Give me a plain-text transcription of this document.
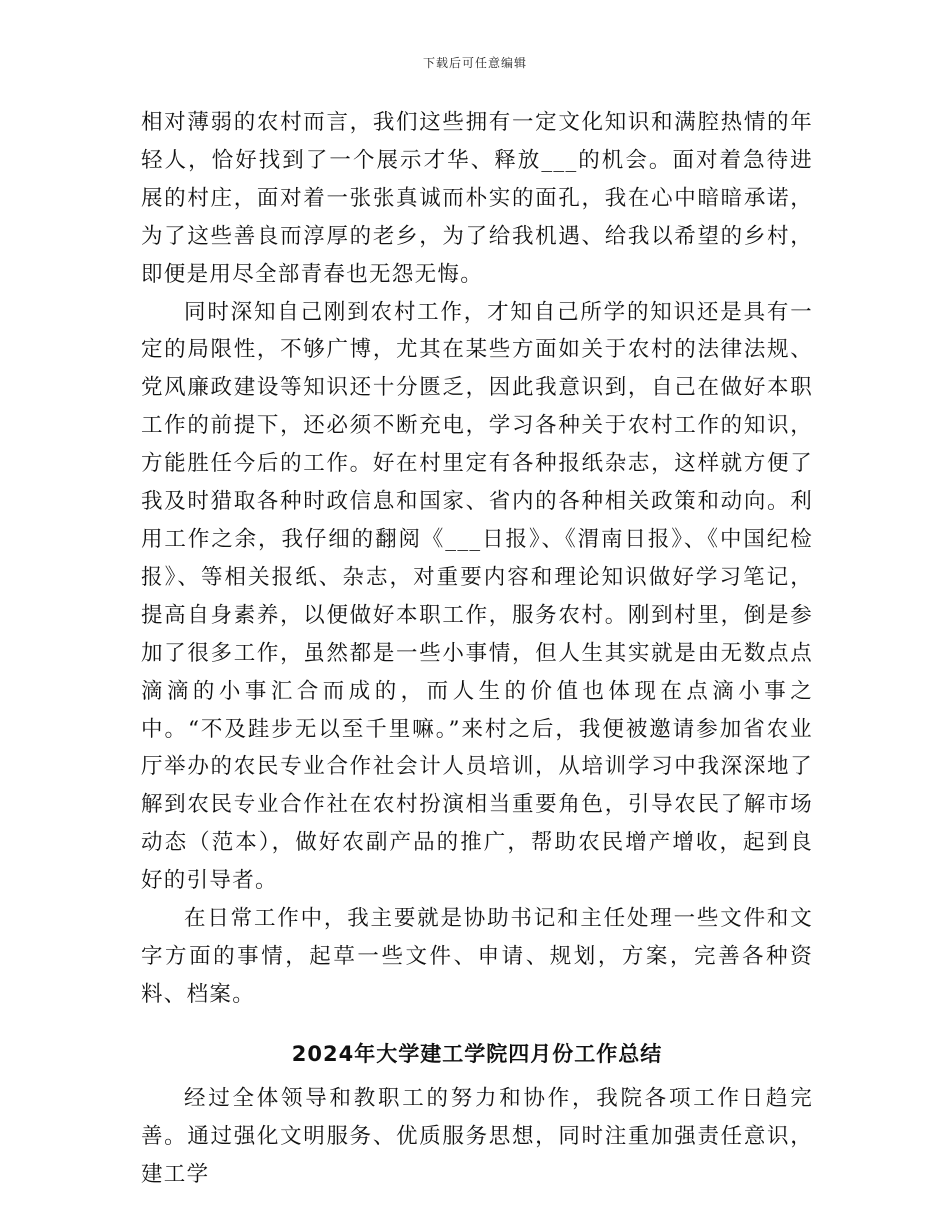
下载后可任意编辑

相对薄弱的农村而言，我们这些拥有一定文化知识和满腔热情的年轻人，恰好找到了一个展示才华、释放___的机会。面对着急待进展的村庄，面对着一张张真诚而朴实的面孔，我在心中暗暗承诺，为了这些善良而淳厚的老乡，为了给我机遇、给我以希望的乡村，即便是用尽全部青春也无怨无悔。

同时深知自己刚到农村工作，才知自己所学的知识还是具有一定的局限性，不够广博，尤其在某些方面如关于农村的法律法规、党风廉政建设等知识还十分匮乏，因此我意识到，自己在做好本职工作的前提下，还必须不断充电，学习各种关于农村工作的知识，方能胜任今后的工作。好在村里定有各种报纸杂志，这样就方便了我及时猎取各种时政信息和国家、省内的各种相关政策和动向。利用工作之余，我仔细的翻阅《___日报》、《渭南日报》、《中国纪检报》、等相关报纸、杂志，对重要内容和理论知识做好学习笔记，提高自身素养，以便做好本职工作，服务农村。刚到村里，倒是参加了很多工作，虽然都是一些小事情，但人生其实就是由无数点点滴滴的小事汇合而成的，而人生的价值也体现在点滴小事之中。“不及跬步无以至千里嘛。”来村之后，我便被邀请参加省农业厅举办的农民专业合作社会计人员培训，从培训学习中我深深地了解到农民专业合作社在农村扮演相当重要角色，引导农民了解市场动态（范本），做好农副产品的推广，帮助农民增产增收，起到良好的引导者。

在日常工作中，我主要就是协助书记和主任处理一些文件和文字方面的事情，起草一些文件、申请、规划，方案，完善各种资料、档案。

2024年大学建工学院四月份工作总结

经过全体领导和教职工的努力和协作，我院各项工作日趋完善。通过强化文明服务、优质服务思想，同时注重加强责任意识，建工学
